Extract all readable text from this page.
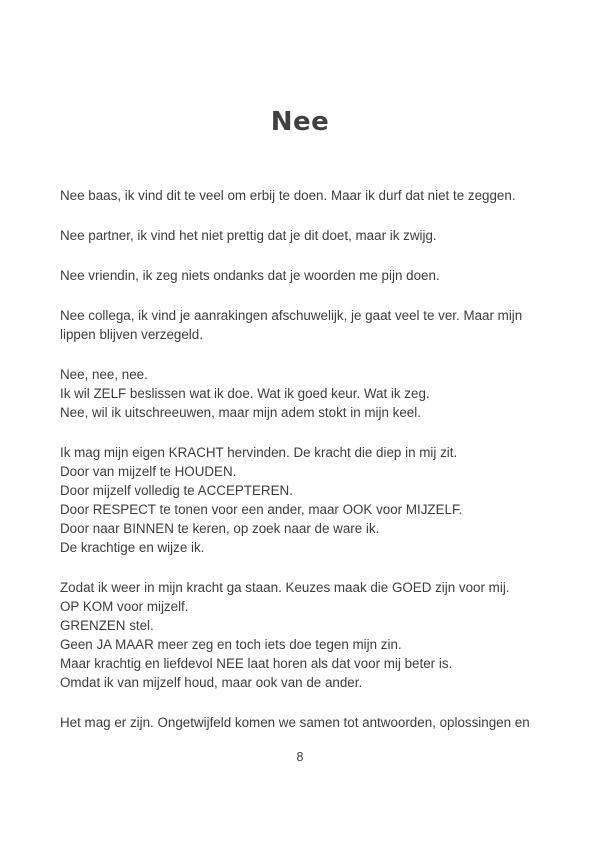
Nee

Nee baas, ik vind dit te veel om erbij te doen. Maar ik durf dat niet te zeggen.

Nee partner, ik vind het niet prettig dat je dit doet, maar ik zwijg.

Nee vriendin, ik zeg niets ondanks dat je woorden me pijn doen.

Nee collega, ik vind je aanrakingen afschuwelijk, je gaat veel te ver. Maar mijn
lippen blijven verzegeld.

Nee, nee, nee.
Ik wil ZELF beslissen wat ik doe. Wat ik goed keur. Wat ik zeg.
Nee, wil ik uitschreeuwen, maar mijn adem stokt in mijn keel.

Ik mag mijn eigen KRACHT hervinden. De kracht die diep in mij zit.
Door van mijzelf te HOUDEN.
Door mijzelf volledig te ACCEPTEREN.
Door RESPECT te tonen voor een ander, maar OOK voor MIJZELF.
Door naar BINNEN te keren, op zoek naar de ware ik.
De krachtige en wijze ik.

Zodat ik weer in mijn kracht ga staan. Keuzes maak die GOED zijn voor mij.
OP KOM voor mijzelf.
GRENZEN stel.
Geen JA MAAR meer zeg en toch iets doe tegen mijn zin.
Maar krachtig en liefdevol NEE laat horen als dat voor mij beter is.
Omdat ik van mijzelf houd, maar ook van de ander.

Het mag er zijn. Ongetwijfeld komen we samen tot antwoorden, oplossingen en

8
